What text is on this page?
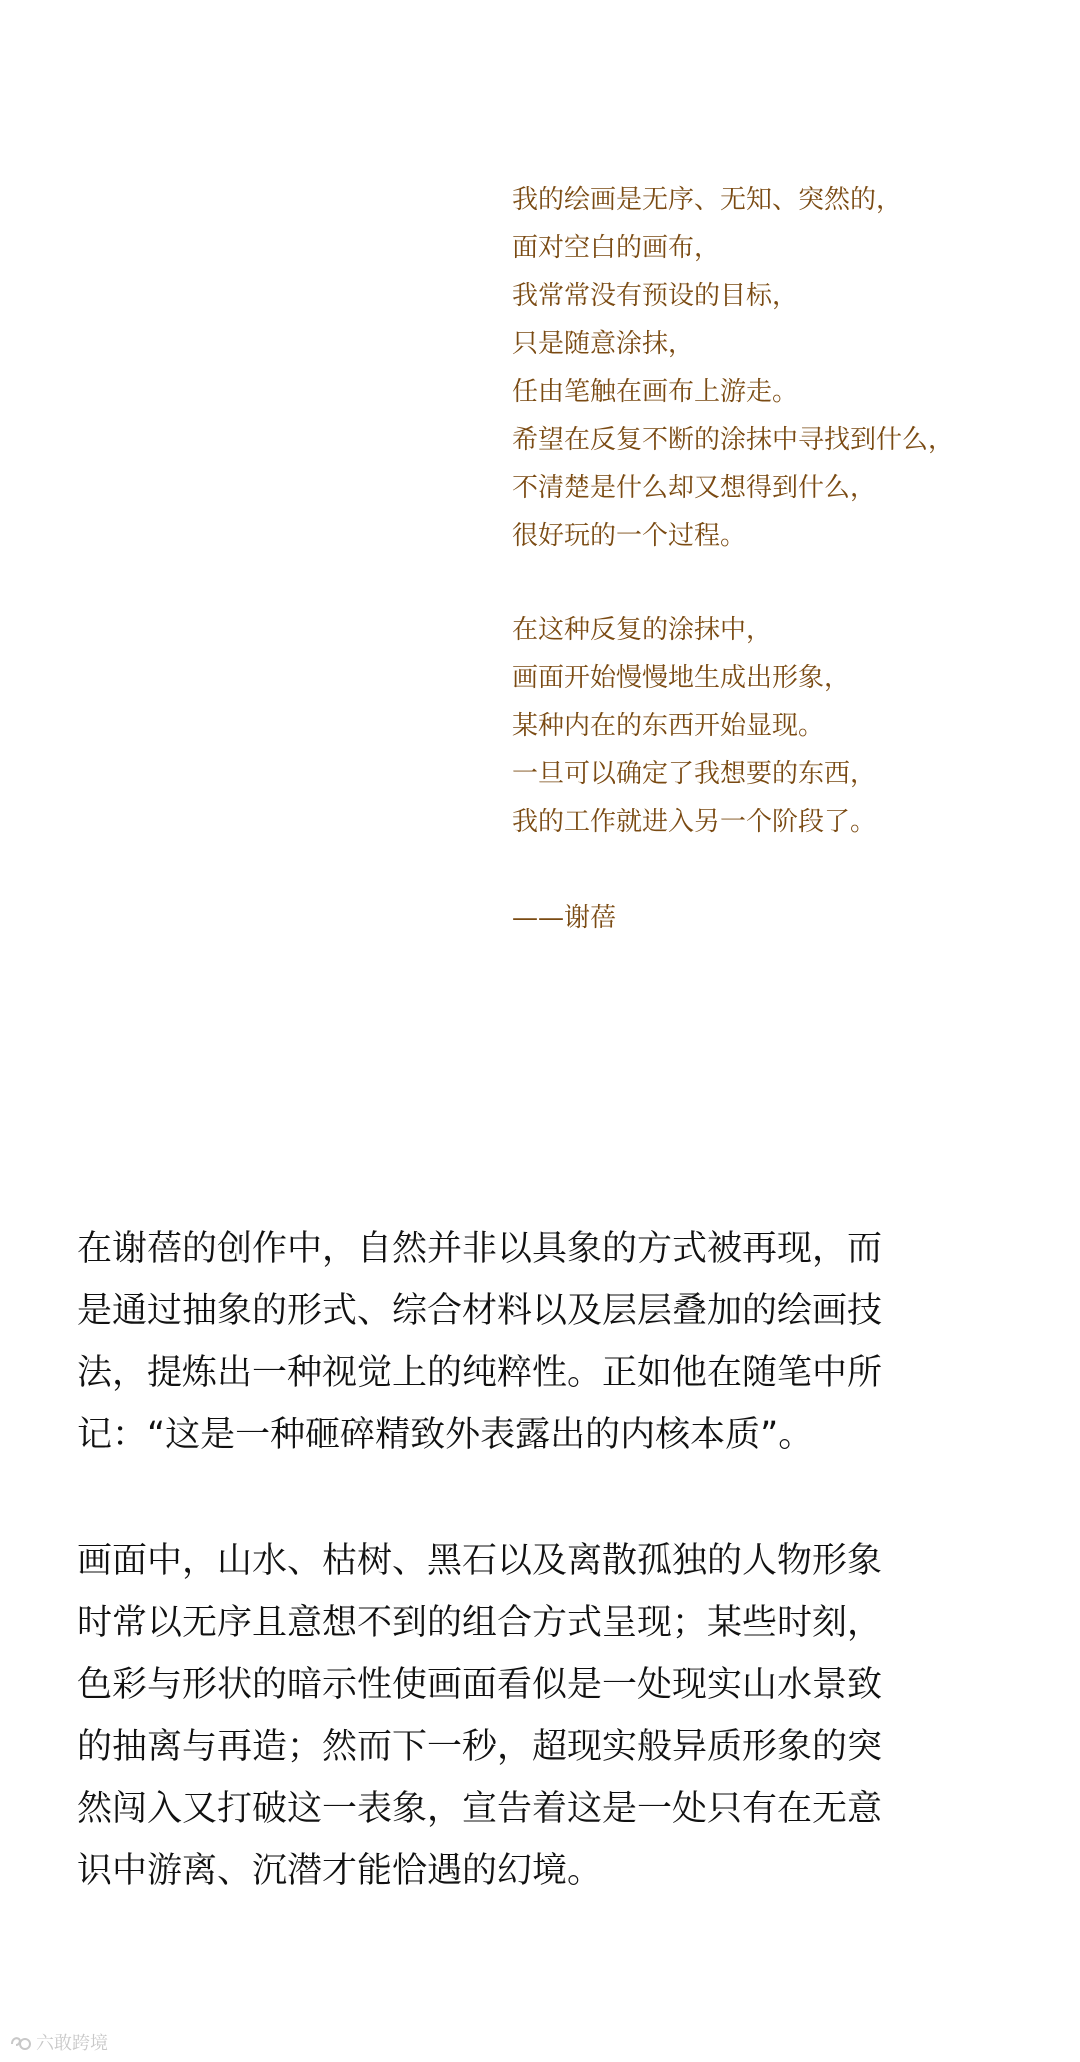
我的绘画是无序、无知、突然的，
面对空白的画布，
我常常没有预设的目标，
只是随意涂抹，
任由笔触在画布上游走。
希望在反复不断的涂抹中寻找到什么，
不清楚是什么却又想得到什么，
很好玩的一个过程。
在这种反复的涂抹中，
画面开始慢慢地生成出形象，
某种内在的东西开始显现。
一旦可以确定了我想要的东西，
我的工作就进入另一个阶段了。
——谢蓓
在谢蓓的创作中，自然并非以具象的方式被再现，而
是通过抽象的形式、综合材料以及层层叠加的绘画技
法，提炼出一种视觉上的纯粹性。正如他在随笔中所
记：“这是一种砸碎精致外表露出的内核本质”。
画面中，山水、枯树、黑石以及离散孤独的人物形象
时常以无序且意想不到的组合方式呈现；某些时刻，
色彩与形状的暗示性使画面看似是一处现实山水景致
的抽离与再造；然而下一秒，超现实般异质形象的突
然闯入又打破这一表象，宣告着这是一处只有在无意
识中游离、沉潜才能恰遇的幻境。
六敢跨境
